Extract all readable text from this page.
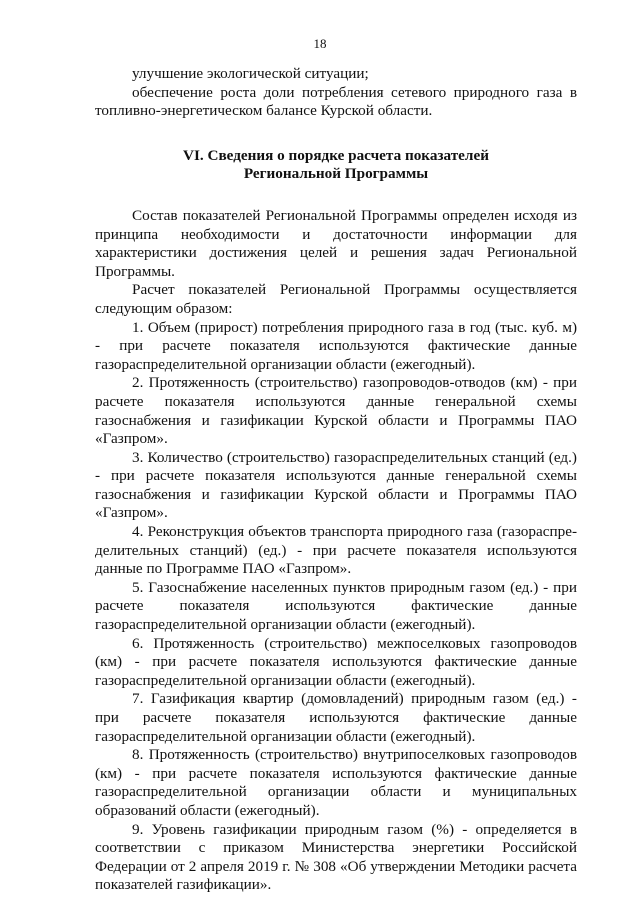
18

улучшение экологической ситуации;

обеспечение роста доли потребления сетевого природного газа в топливно-энергетическом балансе Курской области.

VI. Сведения о порядке расчета показателей
Региональной Программы

Состав показателей Региональной Программы определен исходя из принципа необходимости и достаточности информации для характеристики достижения целей и решения задач Региональной Программы.

Расчет показателей Региональной Программы осуществляется следующим образом:

1. Объем (прирост) потребления природного газа в год (тыс. куб. м) - при расчете показателя используются фактические данные газораспределительной организации области (ежегодный).

2. Протяженность (строительство) газопроводов-отводов (км) - при расчете показателя используются данные генеральной схемы газоснабжения и газификации Курской области и Программы ПАО «Газпром».

3. Количество (строительство) газораспределительных станций (ед.) - при расчете показателя используются данные генеральной схемы газоснабжения и газификации Курской области и Программы ПАО «Газпром».

4. Реконструкция объектов транспорта природного газа (газораспре-делительных станций) (ед.) - при расчете показателя используются данные по Программе ПАО «Газпром».

5. Газоснабжение населенных пунктов природным газом (ед.) - при расчете показателя используются фактические данные газораспределительной организации области (ежегодный).

6. Протяженность (строительство) межпоселковых газопроводов (км) - при расчете показателя используются фактические данные газораспределительной организации области (ежегодный).

7. Газификация квартир (домовладений) природным газом (ед.) - при расчете показателя используются фактические данные газораспределительной организации области (ежегодный).

8. Протяженность (строительство) внутрипоселковых газопроводов (км) - при расчете показателя используются фактические данные газораспределительной организации области и муниципальных образований области (ежегодный).

9. Уровень газификации природным газом (%) - определяется в соответствии с приказом Министерства энергетики Российской Федерации от 2 апреля 2019 г. № 308 «Об утверждении Методики расчета показателей газификации».
